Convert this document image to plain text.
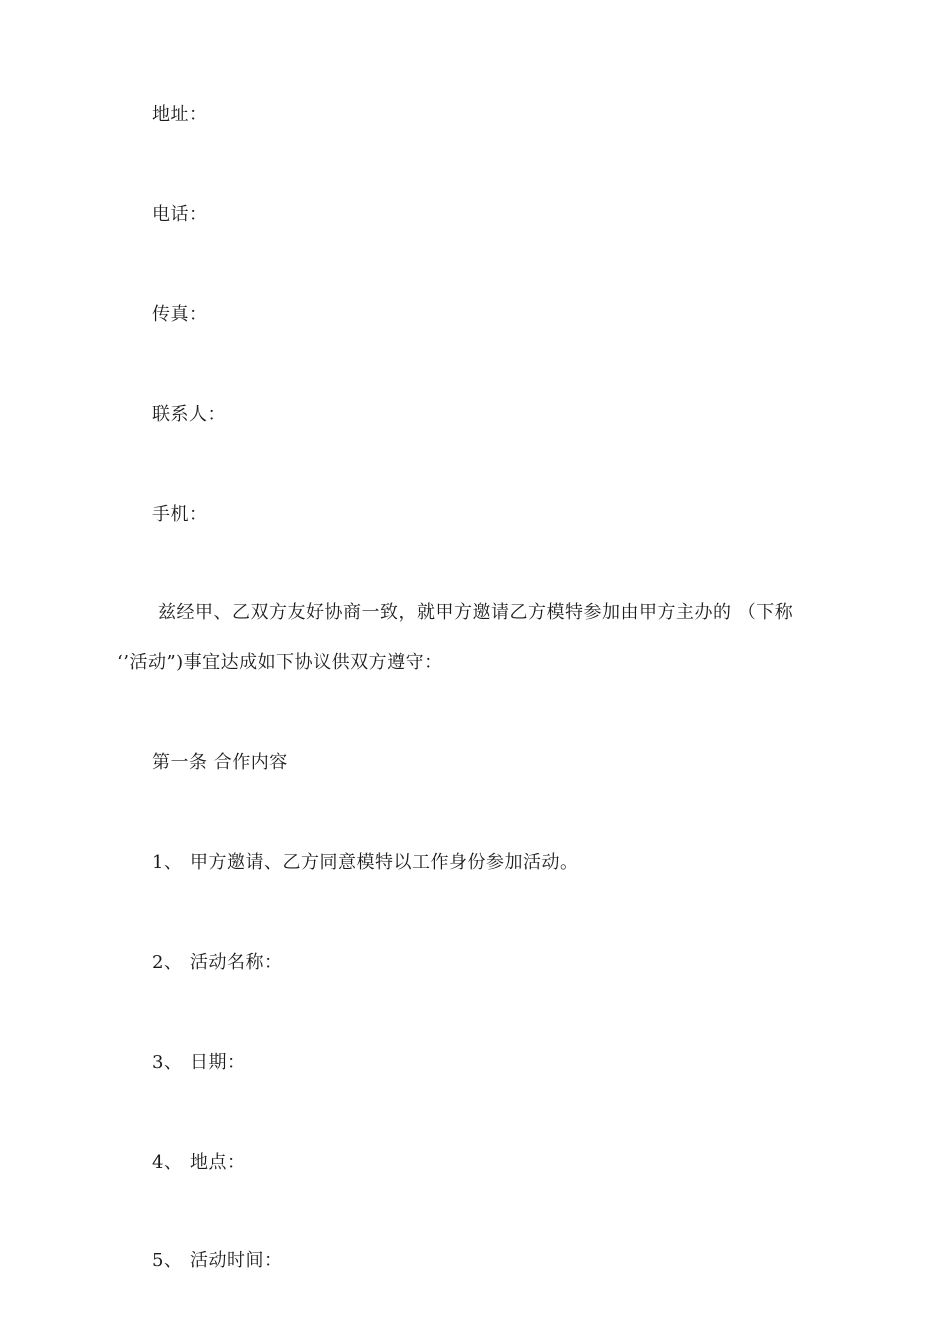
地址：
电话：
传真：
联系人：
手机：
兹经甲、乙双方友好协商一致，就甲方邀请乙方模特参加由甲方主办的 （下称
‘’活动”)事宜达成如下协议供双方遵守：
第一条 合作内容
1、 甲方邀请、乙方同意模特以工作身份参加活动。
2、 活动名称：
3、 日期：
4、 地点：
5、 活动时间：
